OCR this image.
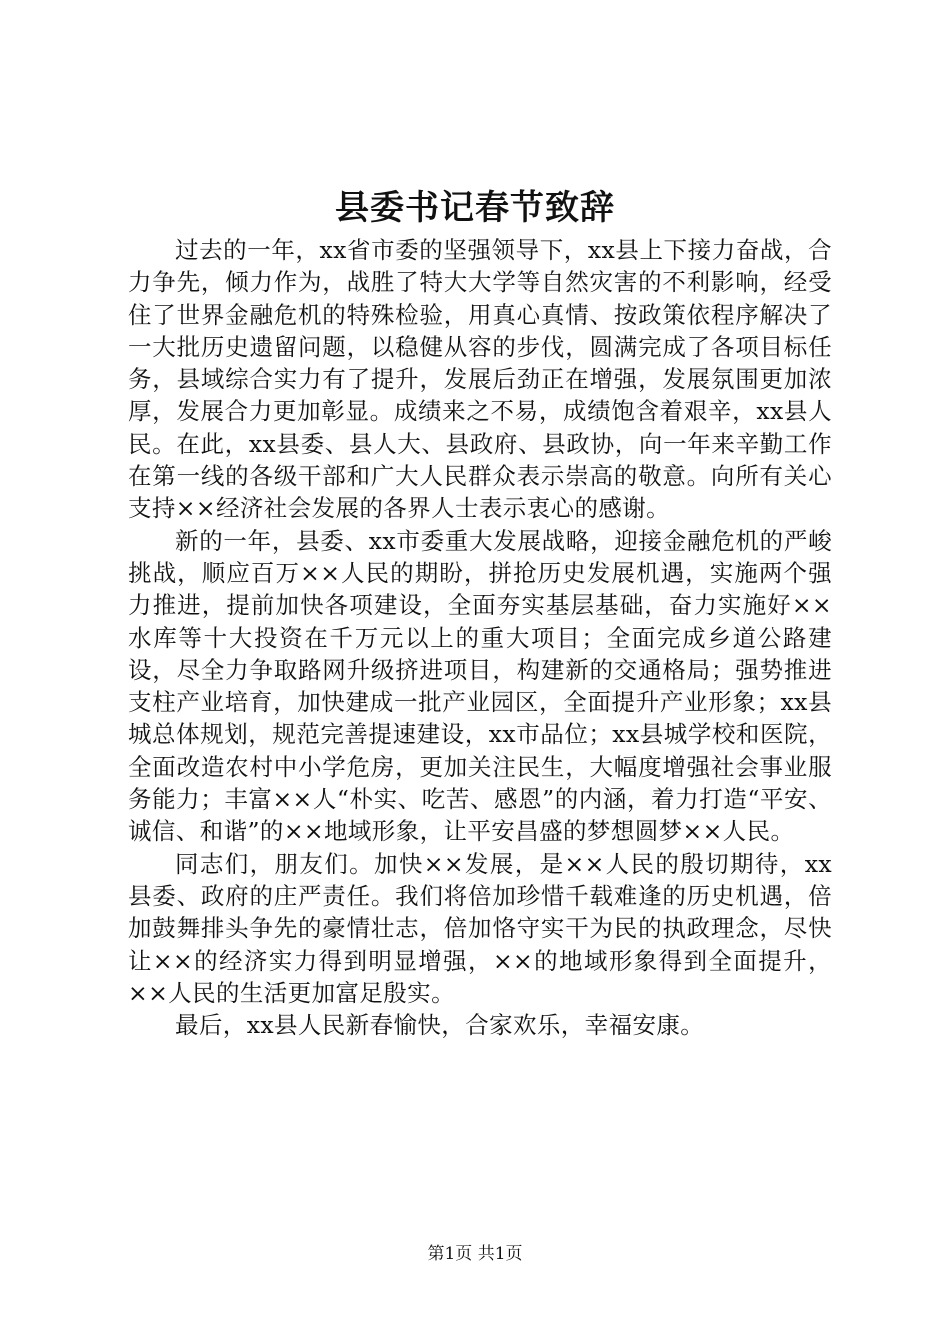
县委书记春节致辞

过去的一年，xx省市委的坚强领导下，xx县上下接力奋战，合力争先，倾力作为，战胜了特大大学等自然灾害的不利影响，经受住了世界金融危机的特殊检验，用真心真情、按政策依程序解决了一大批历史遗留问题，以稳健从容的步伐，圆满完成了各项目标任务，县域综合实力有了提升，发展后劲正在增强，发展氛围更加浓厚，发展合力更加彰显。成绩来之不易，成绩饱含着艰辛，xx县人民。在此，xx县委、县人大、县政府、县政协，向一年来辛勤工作在第一线的各级干部和广大人民群众表示崇高的敬意。向所有关心支持××经济社会发展的各界人士表示衷心的感谢。

新的一年，县委、xx市委重大发展战略，迎接金融危机的严峻挑战，顺应百万××人民的期盼，拼抢历史发展机遇，实施两个强力推进，提前加快各项建设，全面夯实基层基础，奋力实施好××水库等十大投资在千万元以上的重大项目；全面完成乡道公路建设，尽全力争取路网升级挤进项目，构建新的交通格局；强势推进支柱产业培育，加快建成一批产业园区，全面提升产业形象；xx县城总体规划，规范完善提速建设，xx市品位；xx县城学校和医院，全面改造农村中小学危房，更加关注民生，大幅度增强社会事业服务能力；丰富××人“朴实、吃苦、感恩”的内涵，着力打造“平安、诚信、和谐”的××地域形象，让平安昌盛的梦想圆梦××人民。

同志们，朋友们。加快××发展，是××人民的殷切期待，xx县委、政府的庄严责任。我们将倍加珍惜千载难逢的历史机遇，倍加鼓舞排头争先的豪情壮志，倍加恪守实干为民的执政理念，尽快让××的经济实力得到明显增强，××的地域形象得到全面提升，××人民的生活更加富足殷实。

最后，xx县人民新春愉快，合家欢乐，幸福安康。

第1页 共1页
